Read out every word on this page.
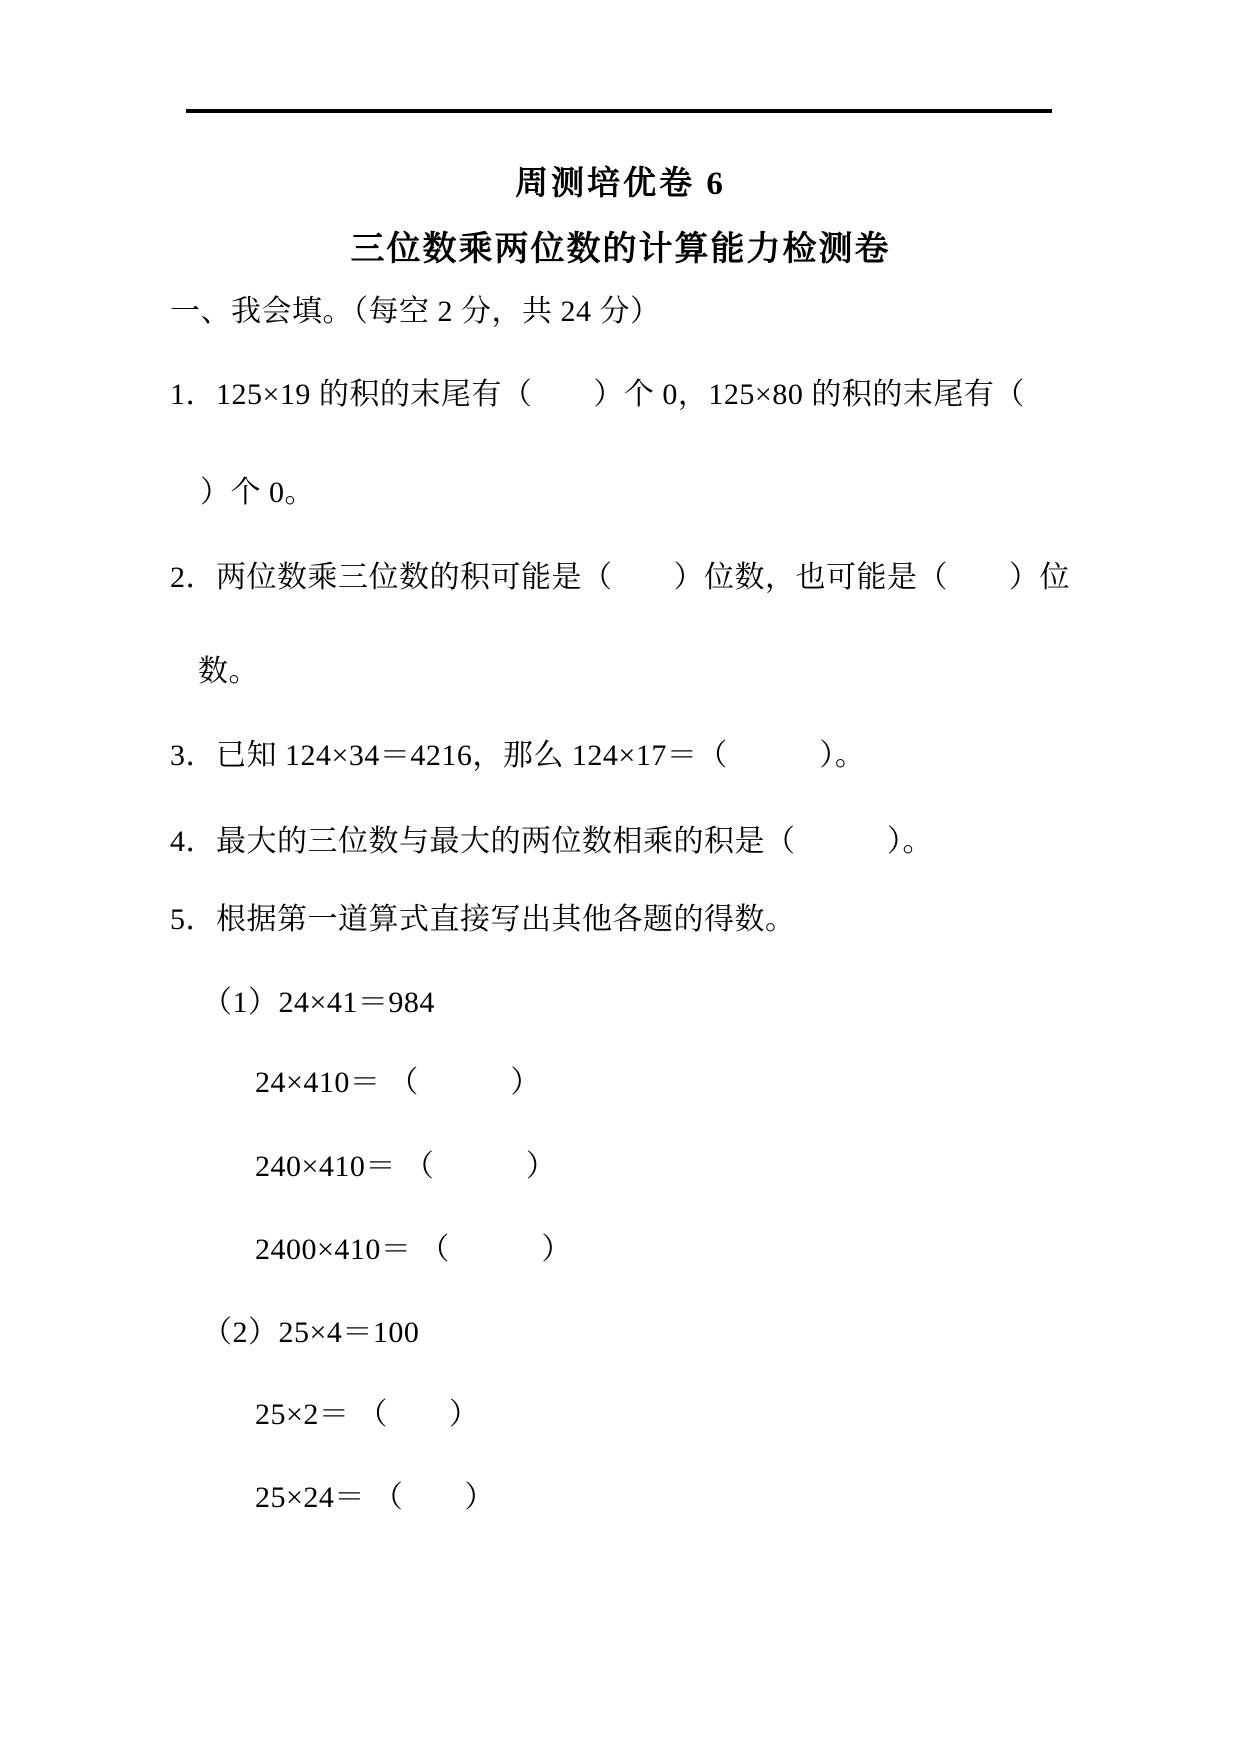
周测培优卷 6
三位数乘两位数的计算能力检测卷
一、我会填。（每空 2 分，共 24 分）
1．125×19 的积的末尾有（　　）个 0，125×80 的积的末尾有（
）个 0。
2．两位数乘三位数的积可能是（　　）位数，也可能是（　　）位
数。
3．已知 124×34＝4216，那么 124×17＝（　　　）。
4．最大的三位数与最大的两位数相乘的积是（　　　）。
5．根据第一道算式直接写出其他各题的得数。
（1）24×41＝984
24×410＝ （　　　）
240×410＝ （　　　）
2400×410＝ （　　　）
（2）25×4＝100
25×2＝ （　　）
25×24＝ （　　）
